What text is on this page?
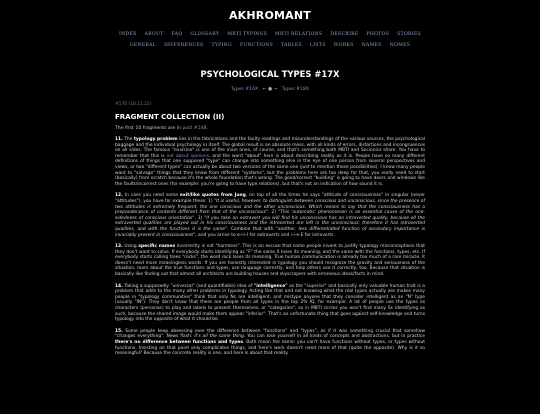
AKHROMANT
INDEX ABOUT FAQ GLOSSARY MBTI TYPINGS MBTI RELATIONS DESCRIBE PHOTOS STORIES
GENERAL DIFFERENCES TYPING FUNCTIONS TABLES LISTS WORKS NAMES NOMES
PSYCHOLOGICAL TYPES #17X
Types #16X ← ● → Types #18X
#170 (18.11.22)
FRAGMENT COLLECTION (II)
The first 10 fragments are in post #148.
11. The typology problem lies in the fabrications and the faulty readings and misunderstandings of the various sources, the psychological baggage and the individual psychology in itself. The global result is an absolute mess, with all kinds of errors, distortions and incongruences on all sides. The famous "mix/sine" is one of the main ones, of course, and that's something both MBTI and Socionics share. You have to remember that this is not about opinions, and the word "about" here is about describing reality as it is. People have so many different definitions of things that one supposed "type" can change into something else in the eye of one person from several perspectives and views, or two "different types" can actually be about two versions of the same one (just to mention these possibilities). I know many people want to "salvage" things that they know from different "systems", but the problems here are too deep for that, you really need to start (basically) from scratch because it's the whole foundation that's wrong. The good/correct "building" is going to have doors and windows like the faults/incorrect ones (for example: you're going to have type relations), but that's not an indication of how sound it is.
12. In case you need some exit/like quotes from Jung, on top of all the times he says "attitude of consciousness" in singular (never "attitudes"), you have for example these: 1) "It is useful, however, to distinguish between conscious and unconscious, since the presence of two attitudes is extremely frequent, the one conscious and the other unconscious. Which means to say that the consciousness has a preponderance of contents different from that of the unconscious". 2) "This 'automatic' phenomenon is an essential cause of the one-sidedness of conscious orientation". 3) "If you take an extravert you will find his unconscious has an introverted quality, because all the extraverted qualities are played out in his consciousness and the introverted are left in the unconscious; therefore it has introverted qualities, and with the functions it is the same". Combine that with "another, less differentiated function of secondary importance is invariably present in consciousness", and you arrive to e-i-i-I for extraverts and i-i-e-E for introverts.
13. Using specific names incorrectly is not "harmless". This is an excuse that some people invent to justify typology misconceptions that they don't want to solve. If everybody starts identifying as "F" the same X loses its meaning, and the same with the functions, types, etc. If everybody starts calling trees "rocks", the word rock loses its meaning. True human communication is already too much of a rare miracle, it doesn't need more meaningless words. If you are honestly interested in typology you should recognize the gravity and seriousness of the situation, learn about the true functions and types, use language correctly, and help others use it correctly, too. Because that situation is basically like finding out that almost all architects are building houses and skyscrapers with erroneous ideas/facts in mind.
14. Taking a supposedly "universal" (and quantifiable) idea of "intelligence" as the "superior" and basically only valuable human trait is a problem that adds to the many other problems in typology. Acting like that and not knowing what the real types actually are makes many people in "typology communities" think that only Ns are intelligent, and mistype anyone that they consider intelligent as an "N" type (usually "IN"). They don't know that there are people from all types in the top 2% IQ, for example. A lot of people use the types as characters (personas) to play and labels to present themselves, or "categories", so in MBTI circles you won't find many Ss identifying as such, because the shared image would make them appear "inferior". That's an unfortunate thing that goes against self-knowledge and turns typology into the opposite of what it should be.
15. Some people keep obsessing over the difference between "functions" and "types", as if it was something crucial that somehow "changes everything". News flash: it's all the same thing. You can lose yourself in all kinds of concepts and abstractions, but in practice there's no difference between functions and types. Both mean the same: you can't have functions without types, or types without functions. Insisting on that point only complicates things, and here's work doesn't need more of that (quite the opposite). Why is it so meaningful? Because the concrete reality is one, and here is about that reality.
